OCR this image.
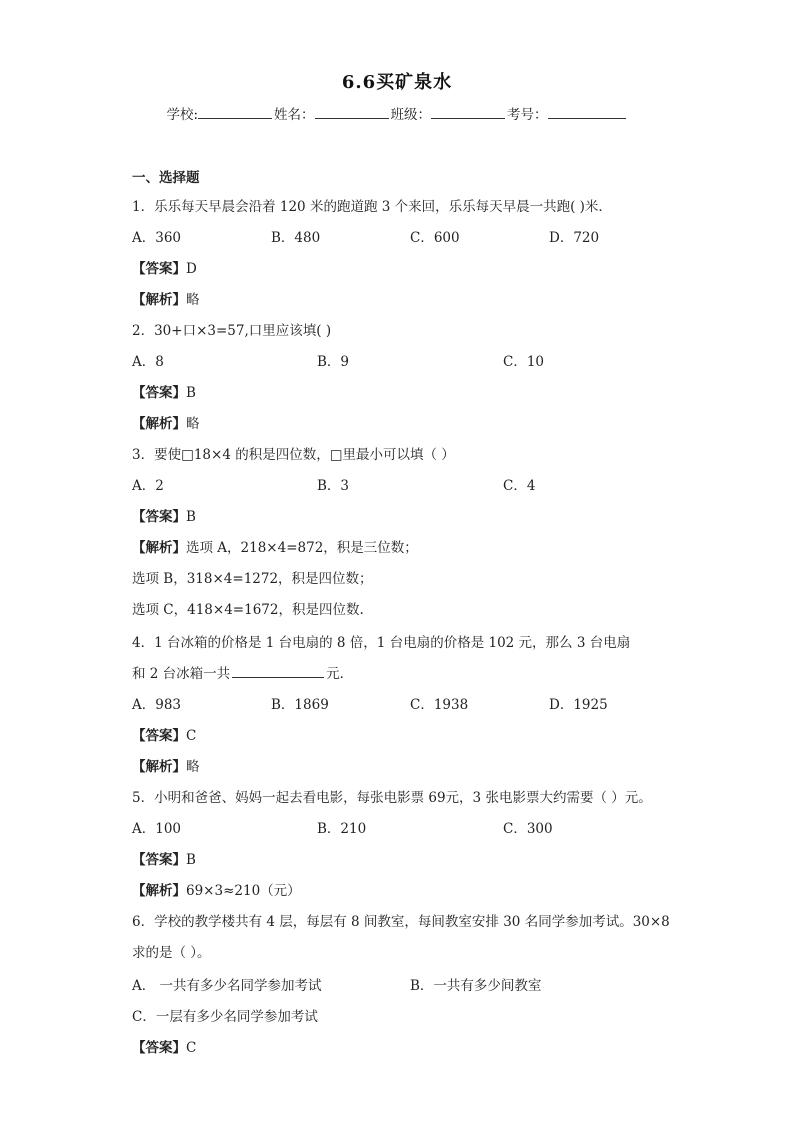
6.6买矿泉水
学校:	姓名：	班级：	考号：
一、选择题
1．乐乐每天早晨会沿着 120 米的跑道跑 3 个来回，乐乐每天早晨一共跑( )米．
A．360	B．480	C．600	D．720
【答案】D
【解析】略
2．30+口×3=57,口里应该填( )
A．8	B．9	C．10
【答案】B
【解析】略
3．要使□18×4 的积是四位数，□里最小可以填（ ）
A．2	B．3	C．4
【答案】B
【解析】选项 A，218×4=872，积是三位数；
选项 B，318×4=1272，积是四位数；
选项 C，418×4=1672，积是四位数.
4．1 台冰箱的价格是 1 台电扇的 8 倍，1 台电扇的价格是 102 元，那么 3 台电扇
和 2 台冰箱一共	元．
A．983	B．1869	C．1938	D．1925
【答案】C
【解析】略
5．小明和爸爸、妈妈一起去看电影，每张电影票 69元，3 张电影票大约需要（ ）元。
A．100	B．210	C．300
【答案】B
【解析】69×3≈210（元）
6．学校的教学楼共有 4 层，每层有 8 间教室，每间教室安排 30 名同学参加考试。30×8
求的是（ ）。
A． 一共有多少名同学参加考试	B．一共有多少间教室
C．一层有多少名同学参加考试
【答案】C
